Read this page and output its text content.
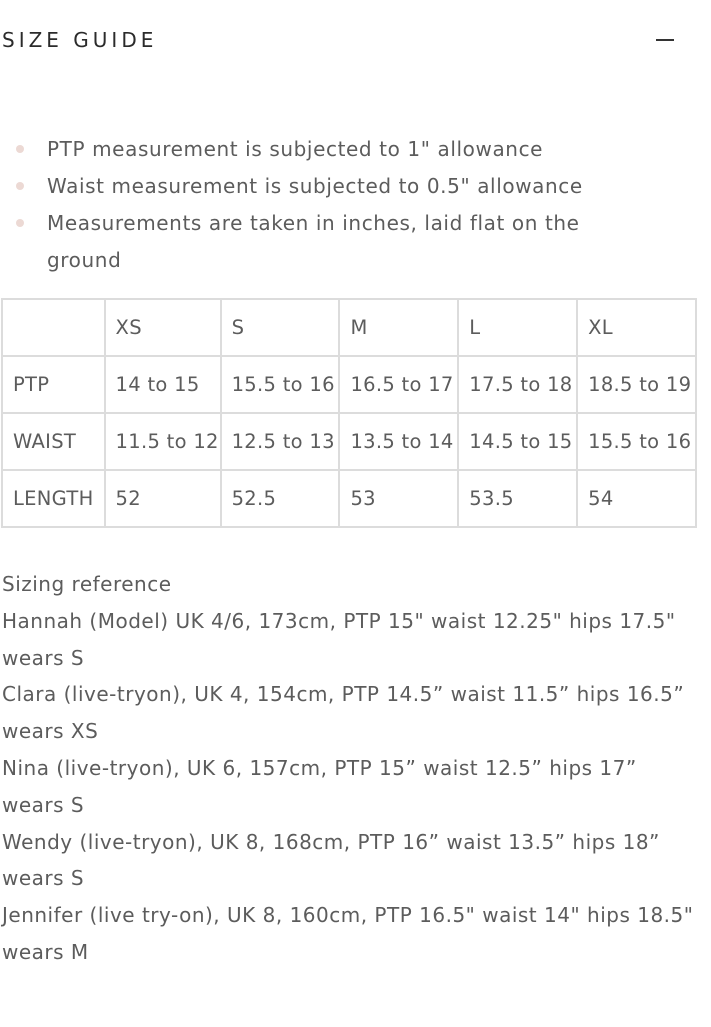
SIZE GUIDE
PTP measurement is subjected to 1" allowance
Waist measurement is subjected to 0.5" allowance
Measurements are taken in inches, laid flat on the ground
	XS	S	M	L	XL
PTP	14 to 15	15.5 to 16	16.5 to 17	17.5 to 18	18.5 to 19
WAIST	11.5 to 12	12.5 to 13	13.5 to 14	14.5 to 15	15.5 to 16
LENGTH	52	52.5	53	53.5	54

Sizing reference

Hannah (Model) UK 4/6, 173cm, PTP 15" waist 12.25" hips 17.5" wears S

Clara (live-tryon), UK 4, 154cm, PTP 14.5” waist 11.5” hips 16.5” wears XS

Nina (live-tryon), UK 6, 157cm, PTP 15” waist 12.5” hips 17” wears S

Wendy (live-tryon), UK 8, 168cm, PTP 16” waist 13.5” hips 18” wears S

Jennifer (live try-on), UK 8, 160cm, PTP 16.5" waist 14" hips 18.5" wears M
